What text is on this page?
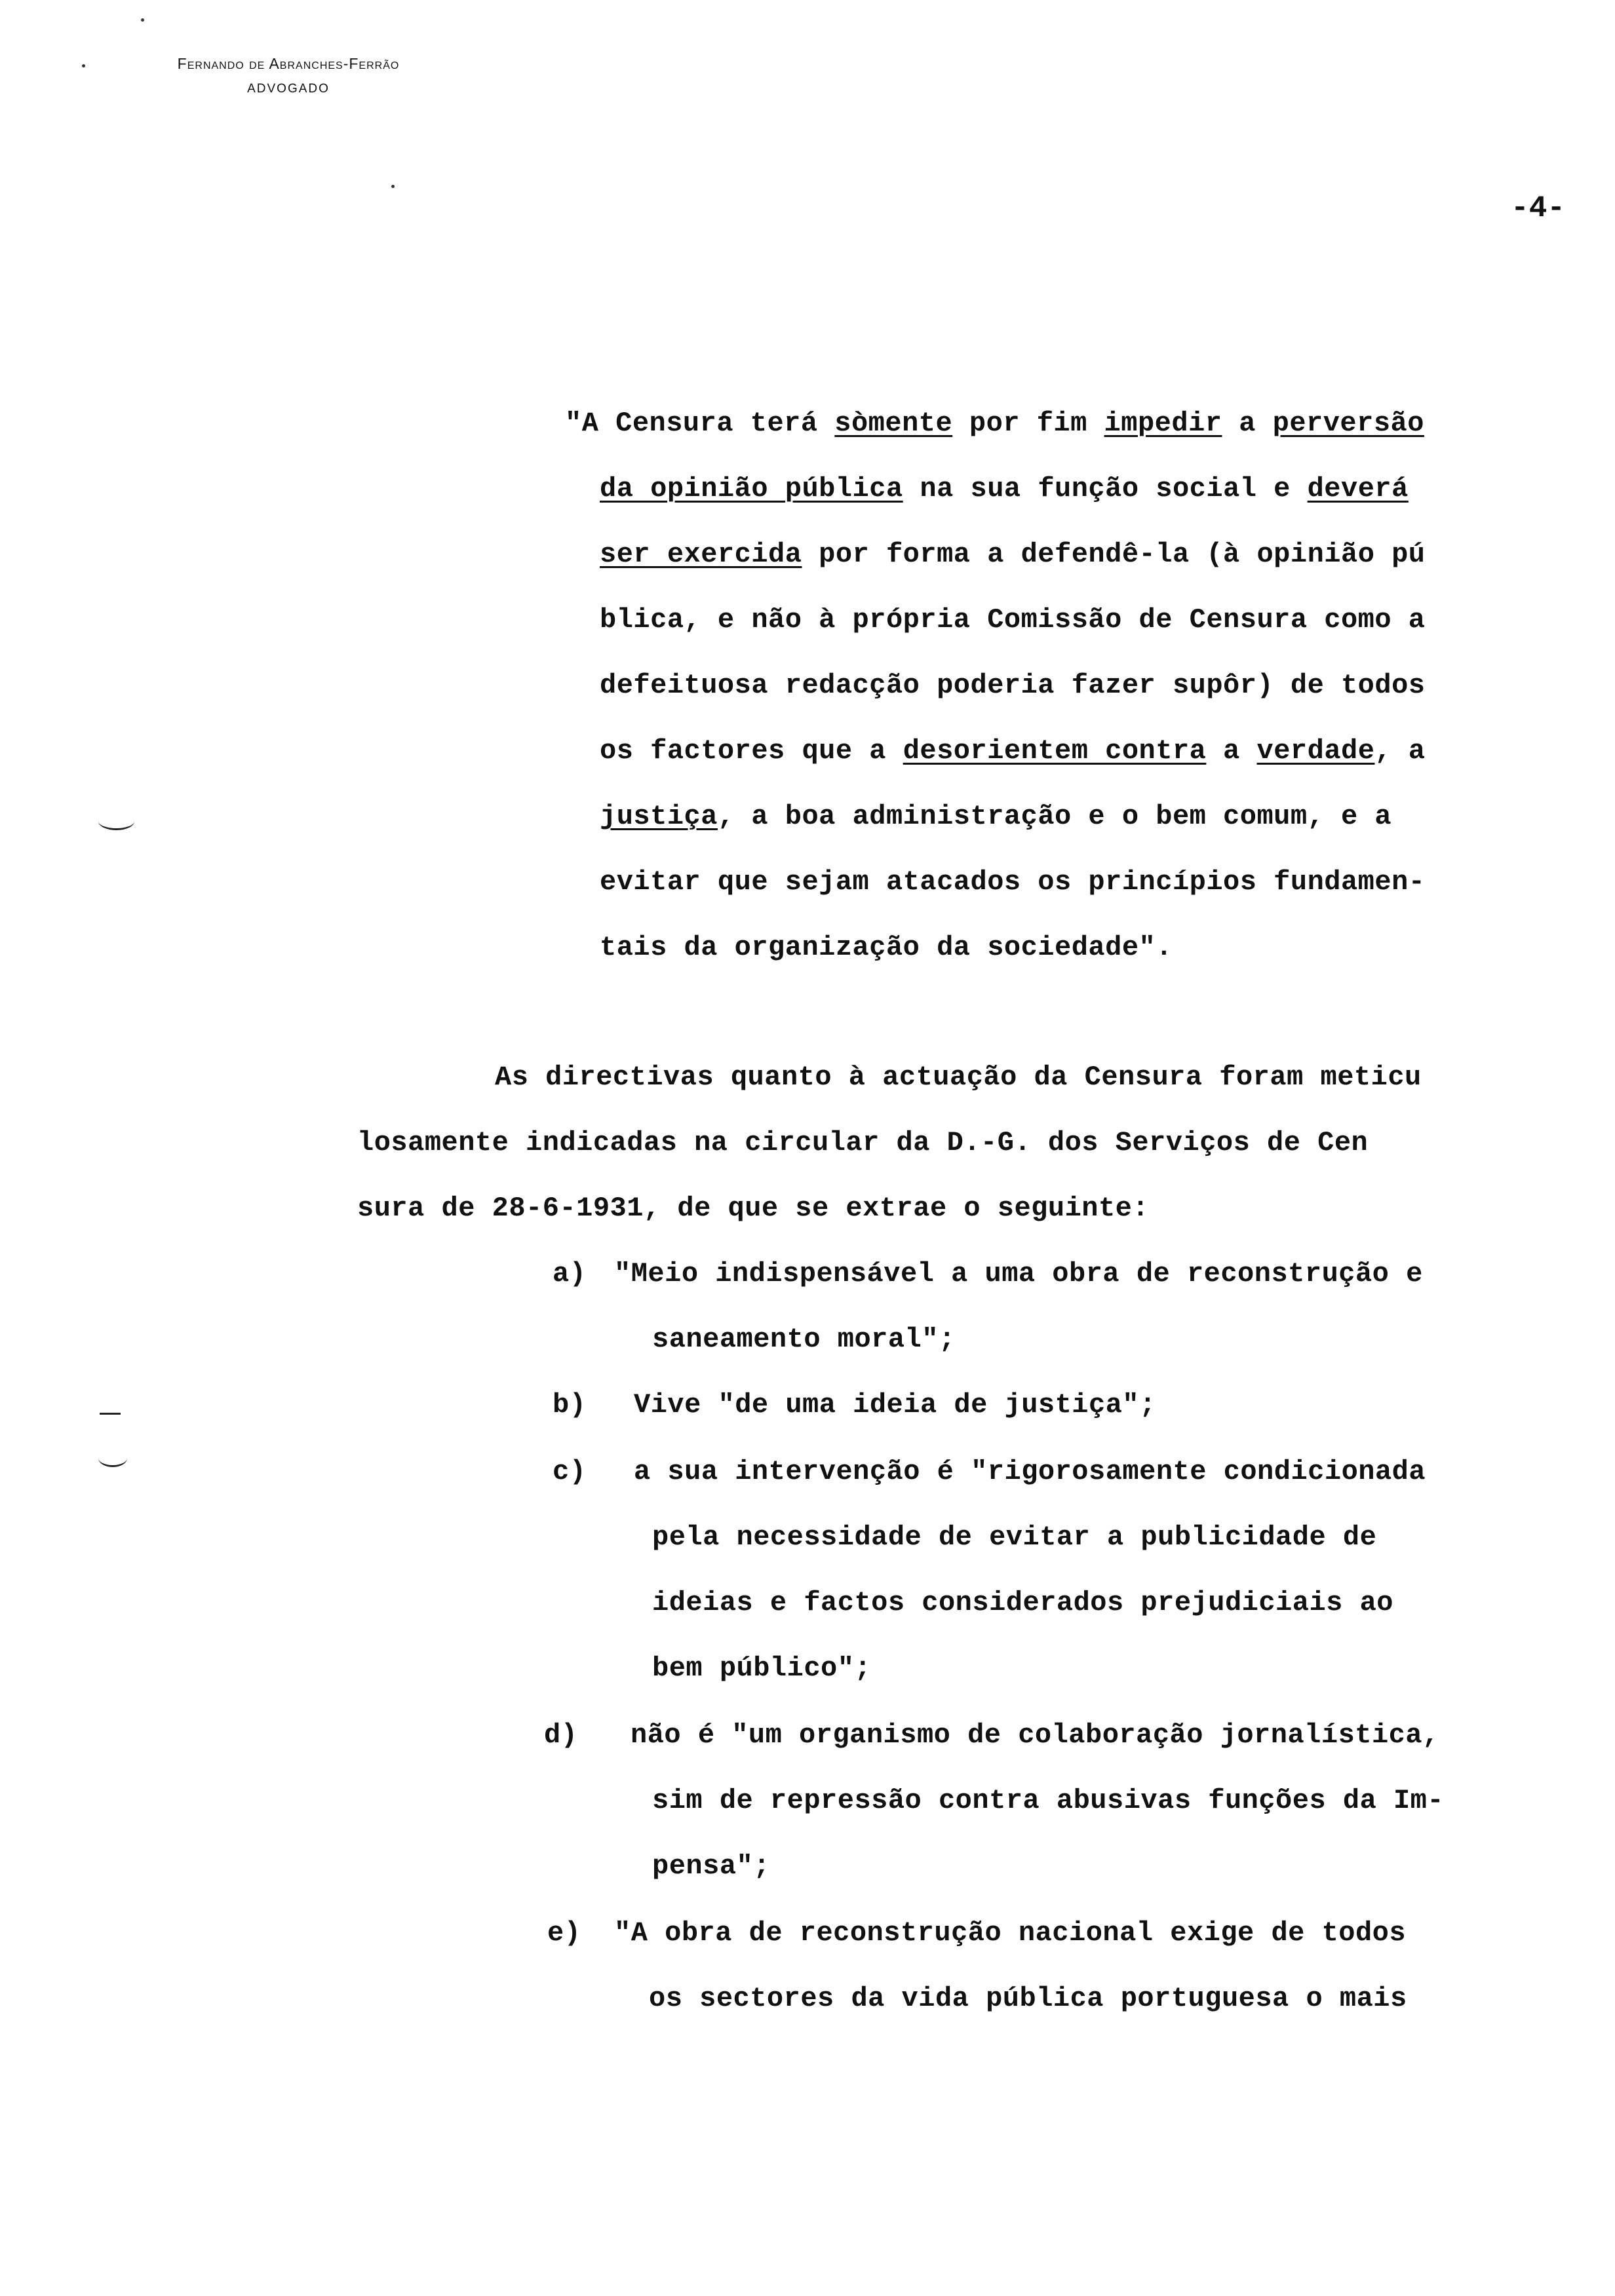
Fernando de Abranches-Ferrão
ADVOGADO
-4-
"A Censura terá sòmente por fim impedir a perversão
da opinião pública na sua função social e deverá
ser exercida por forma a defendê-la (à opinião pú
blica, e não à própria Comissão de Censura como a
defeituosa redacção poderia fazer supôr) de todos
os factores que a desorientem contra a verdade, a
justiça, a boa administração e o bem comum, e a
evitar que sejam atacados os princípios fundamen-
tais da organização da sociedade".
As directivas quanto à actuação da Censura foram meticu
losamente indicadas na circular da D.-G. dos Serviços de Cen
sura de 28-6-1931, de que se extrae o seguinte:
a) "Meio indispensável a uma obra de reconstrução e
saneamento moral";
b) Vive "de uma ideia de justiça";
c) a sua intervenção é "rigorosamente condicionada
pela necessidade de evitar a publicidade de
ideias e factos considerados prejudiciais ao
bem público";
d) não é "um organismo de colaboração jornalística,
sim de repressão contra abusivas funções da Im-
pensa";
e) "A obra de reconstrução nacional exige de todos
os sectores da vida pública portuguesa o mais
